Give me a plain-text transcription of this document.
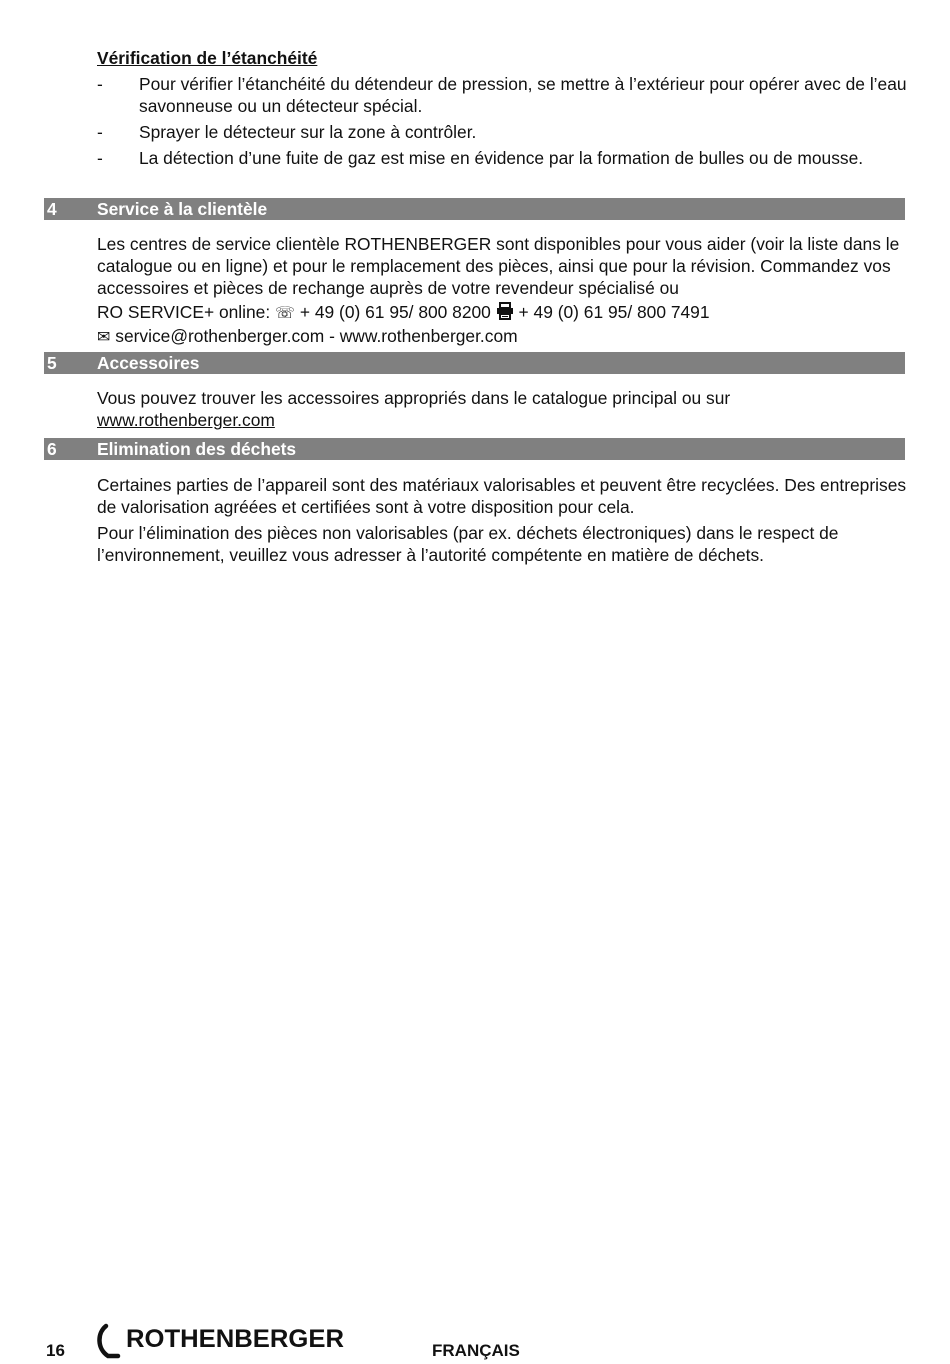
Vérification de l’étanchéité
- Pour vérifier l’étanchéité du détendeur de pression, se mettre à l’extérieur pour opérer avec de l’eau savonneuse ou un détecteur spécial.
- Sprayer le détecteur sur la zone à contrôler.
- La détection d’une fuite de gaz est mise en évidence par la formation de bulles ou de mousse.
4 Service à la clientèle

Les centres de service clientèle ROTHENBERGER sont disponibles pour vous aider (voir la liste dans le catalogue ou en ligne) et pour le remplacement des pièces, ainsi que pour la révision. Commandez vos accessoires et pièces de rechange auprès de votre revendeur spécialisé ou

RO SERVICE+ online: ☏ + 49 (0) 61 95/ 800 8200 + 49 (0) 61 95/ 800 7491
✉ service@rothenberger.com - www.rothenberger.com
5 Accessoires

Vous pouvez trouver les accessoires appropriés dans le catalogue principal ou sur

www.rothenberger.com

6 Elimination des déchets

Certaines parties de l’appareil sont des matériaux valorisables et peuvent être recyclées. Des entreprises de valorisation agréées et certifiées sont à votre disposition pour cela.

Pour l’élimination des pièces non valorisables (par ex. déchets électroniques) dans le respect de l’environnement, veuillez vous adresser à l’autorité compétente en matière de déchets.

16 ROTHENBERGER	FRANÇAIS
